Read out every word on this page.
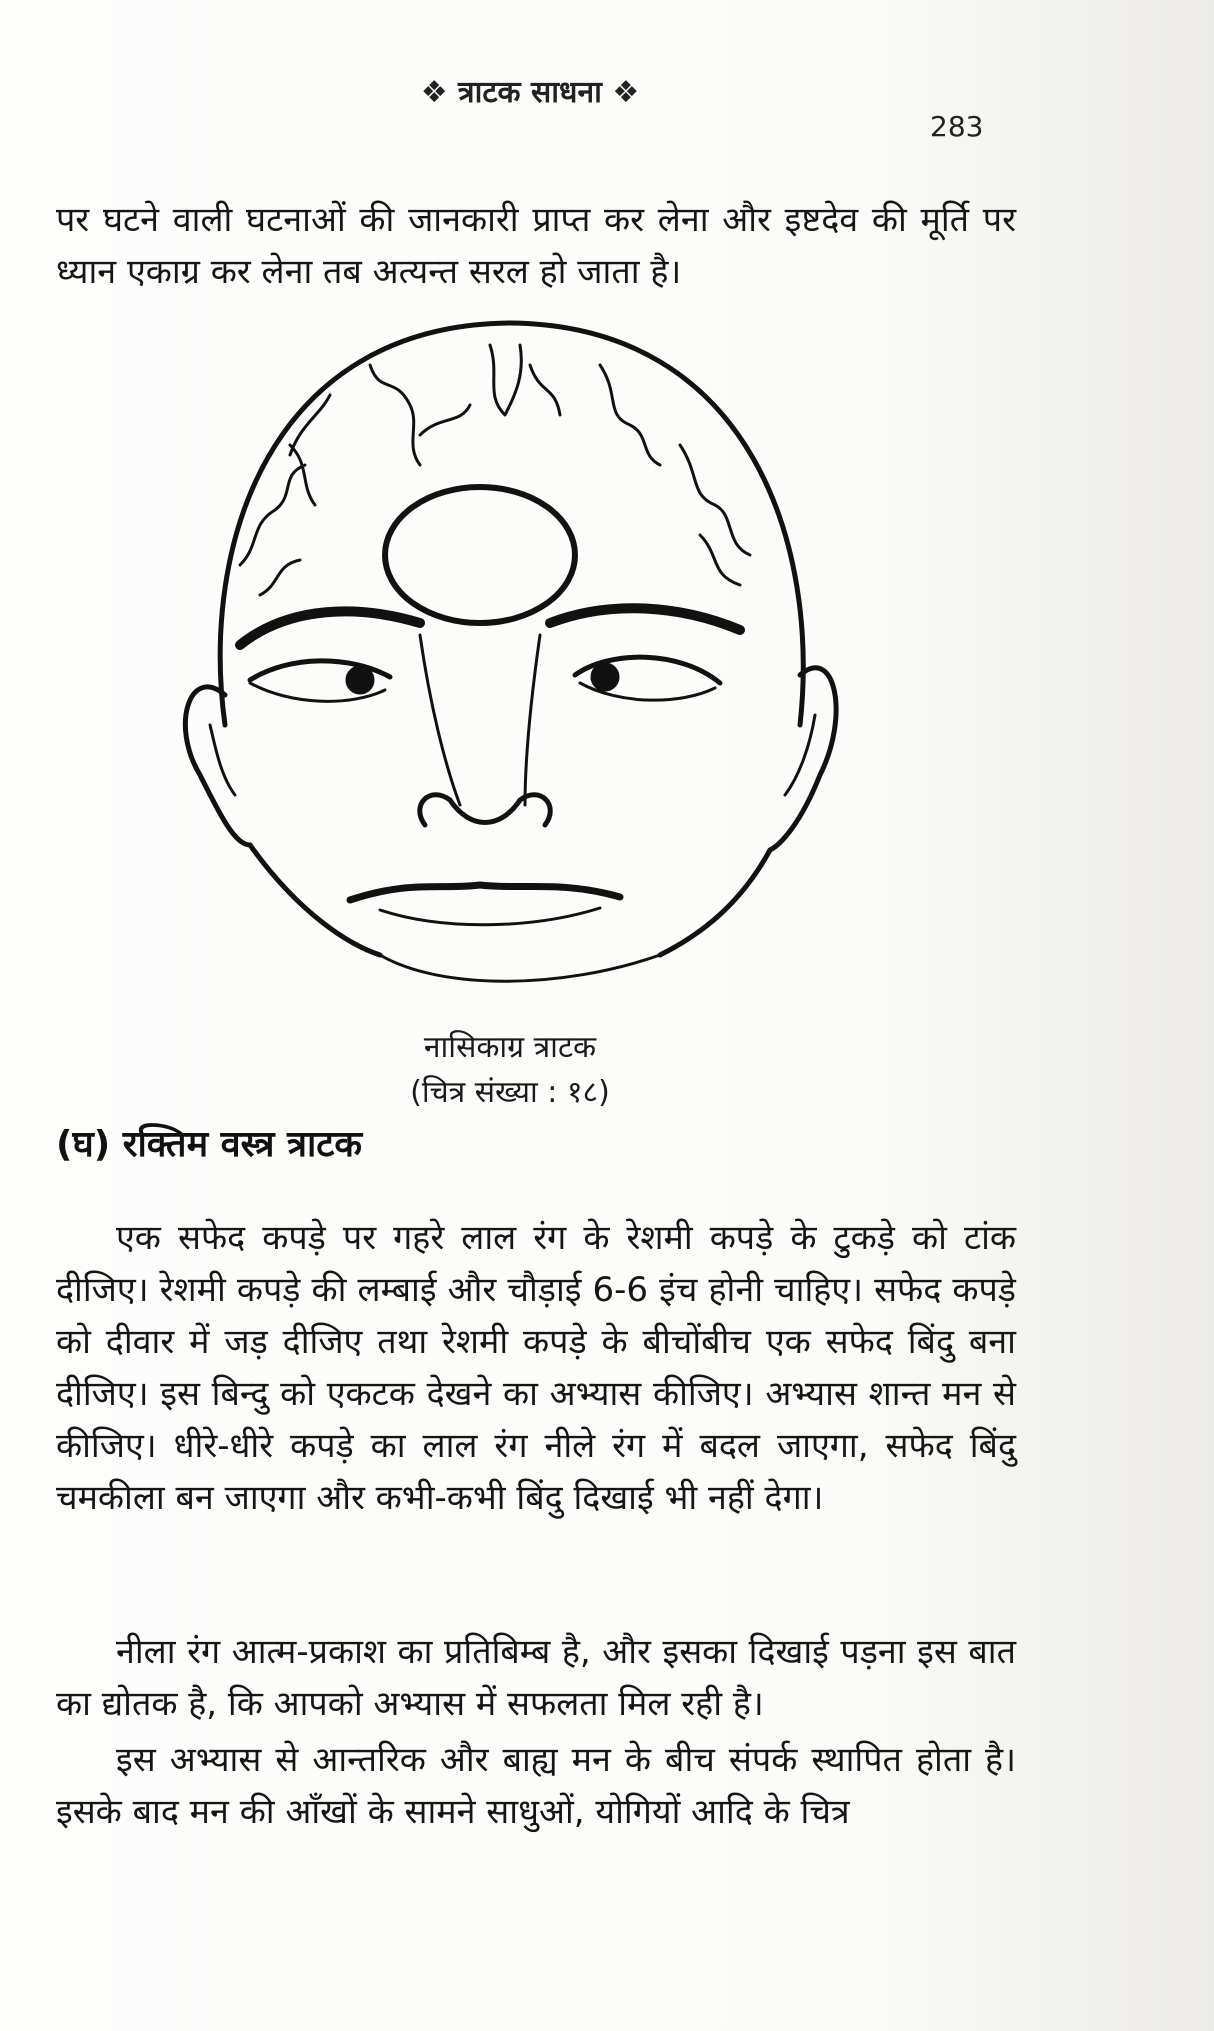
❖ त्राटक साधना ❖
283

पर घटने वाली घटनाओं की जानकारी प्राप्त कर लेना और इष्टदेव की मूर्ति पर ध्यान एकाग्र कर लेना तब अत्यन्त सरल हो जाता है।

नासिकाग्र त्राटक
(चित्र संख्या : १८)
(घ) रक्तिम वस्त्र त्राटक

एक सफेद कपड़े पर गहरे लाल रंग के रेशमी कपड़े के टुकड़े को टांक दीजिए। रेशमी कपड़े की लम्बाई और चौड़ाई 6-6 इंच होनी चाहिए। सफेद कपड़े को दीवार में जड़ दीजिए तथा रेशमी कपड़े के बीचोंबीच एक सफेद बिंदु बना दीजिए। इस बिन्दु को एकटक देखने का अभ्यास कीजिए। अभ्यास शान्त मन से कीजिए। धीरे-धीरे कपड़े का लाल रंग नीले रंग में बदल जाएगा, सफेद बिंदु चमकीला बन जाएगा और कभी-कभी बिंदु दिखाई भी नहीं देगा।

नीला रंग आत्म-प्रकाश का प्रतिबिम्ब है, और इसका दिखाई पड़ना इस बात का द्योतक है, कि आपको अभ्यास में सफलता मिल रही है।

इस अभ्यास से आन्तरिक और बाह्य मन के बीच संपर्क स्थापित होता है। इसके बाद मन की आँखों के सामने साधुओं, योगियों आदि के चित्र
